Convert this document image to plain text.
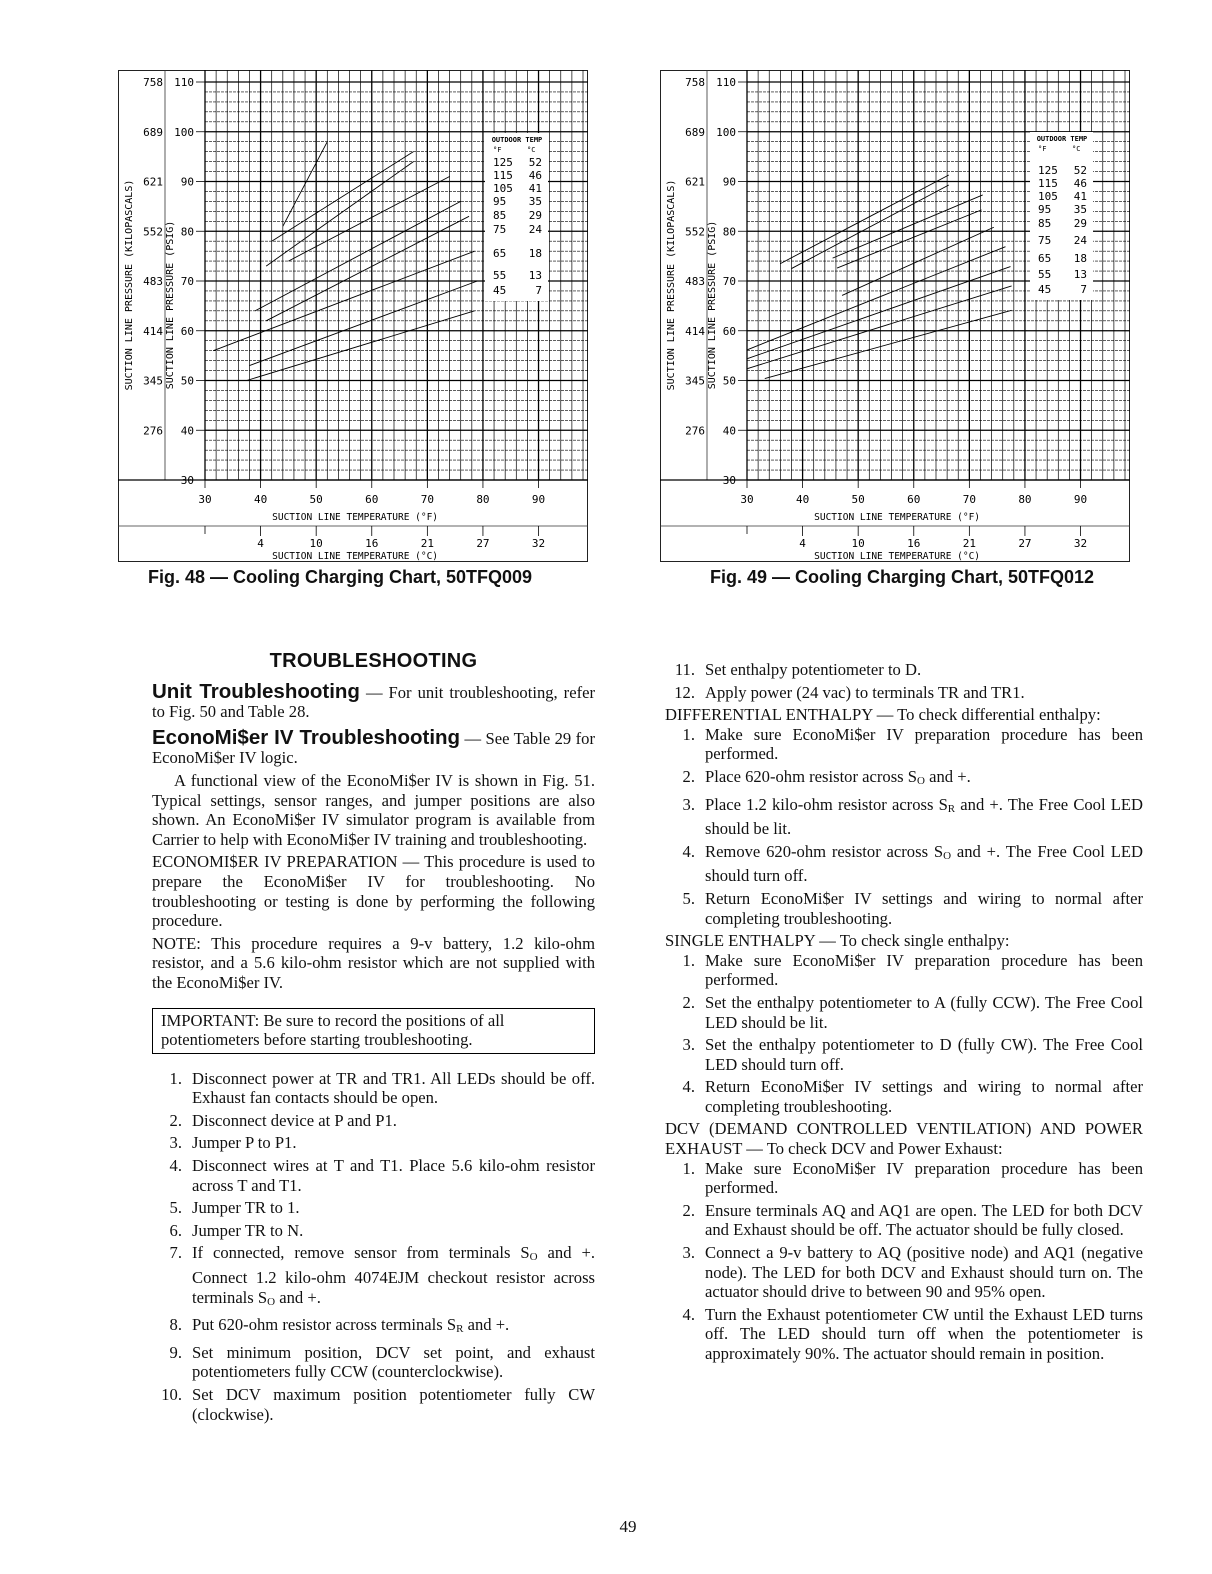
110
100
90
80
70
60
50
40
30
758
689
621
552
483
414
345
276
SUCTION LINE PRESSURE (KILOPASCALS)	SUCTION LINE PRESSURE (PSIG)
30	40	50	60	70	80	90
SUCTION LINE TEMPERATURE (°F)
4	10	16	21	27	32
SUCTION LINE TEMPERATURE (°C)
OUTDOOR TEMP
°F	°C
125 52
115 46
105 41
95 35
85 29
75 24
65 18
55 13
45	7
Fig. 48 — Cooling Charging Chart, 50TFQ009
110
100
90
80
70
60
50
40
30
758
689
621
552
483
414
345
276
SUCTION LINE PRESSURE (KILOPASCALS)	SUCTION LINE PRESSURE (PSIG)
30	40	50	60	70	80	90
SUCTION LINE TEMPERATURE (°F)
4	10	16	21	27	32
SUCTION LINE TEMPERATURE (°C)
OUTDOOR TEMP
°F	°C
125 52
115 46
105 41
95 35
85 29
75 24
65 18
55 13
45	7
Fig. 49 — Cooling Charging Chart, 50TFQ012
TROUBLESHOOTING

Unit Troubleshooting — For unit troubleshooting, refer to Fig. 50 and Table 28.

EconoMi$er IV Troubleshooting — See Table 29 for EconoMi$er IV logic.

A functional view of the EconoMi$er IV is shown in Fig. 51. Typical settings, sensor ranges, and jumper positions are also shown. An EconoMi$er IV simulator program is available from Carrier to help with EconoMi$er IV training and troubleshooting.

ECONOMI$ER IV PREPARATION — This procedure is used to prepare the EconoMi$er IV for troubleshooting. No troubleshooting or testing is done by performing the following procedure.

NOTE: This procedure requires a 9-v battery, 1.2 kilo-ohm resistor, and a 5.6 kilo-ohm resistor which are not supplied with the EconoMi$er IV.

IMPORTANT: Be sure to record the positions of all potentiometers before starting troubleshooting.

1. Disconnect power at TR and TR1. All LEDs should be off. Exhaust fan contacts should be open.
2. Disconnect device at P and P1.
3. Jumper P to P1.
4. Disconnect wires at T and T1. Place 5.6 kilo-ohm resistor across T and T1.
5. Jumper TR to 1.
6. Jumper TR to N.
7. If connected, remove sensor from terminals $S_O$ and +. Connect 1.2 kilo-ohm 4074EJM checkout resistor across terminals $S_O$ and +.
8. Put 620-ohm resistor across terminals $S_R$ and +.
9. Set minimum position, DCV set point, and exhaust potentiometers fully CCW (counterclockwise).
10. Set DCV maximum position potentiometer fully CW (clockwise).
11. Set enthalpy potentiometer to D.
12. Apply power (24 vac) to terminals TR and TR1.

DIFFERENTIAL ENTHALPY — To check differential enthalpy:

1. Make sure EconoMi$er IV preparation procedure has been performed.
2. Place 620-ohm resistor across $S_O$ and +.
3. Place 1.2 kilo-ohm resistor across $S_R$ and +. The Free Cool LED should be lit.
4. Remove 620-ohm resistor across $S_O$ and +. The Free Cool LED should turn off.
5. Return EconoMi$er IV settings and wiring to normal after completing troubleshooting.

SINGLE ENTHALPY — To check single enthalpy:

1. Make sure EconoMi$er IV preparation procedure has been performed.
2. Set the enthalpy potentiometer to A (fully CCW). The Free Cool LED should be lit.
3. Set the enthalpy potentiometer to D (fully CW). The Free Cool LED should turn off.
4. Return EconoMi$er IV settings and wiring to normal after completing troubleshooting.

DCV (DEMAND CONTROLLED VENTILATION) AND POWER EXHAUST — To check DCV and Power Exhaust:

1. Make sure EconoMi$er IV preparation procedure has been performed.
2. Ensure terminals AQ and AQ1 are open. The LED for both DCV and Exhaust should be off. The actuator should be fully closed.
3. Connect a 9-v battery to AQ (positive node) and AQ1 (negative node). The LED for both DCV and Exhaust should turn on. The actuator should drive to between 90 and 95% open.
4. Turn the Exhaust potentiometer CW until the Exhaust LED turns off. The LED should turn off when the potentiometer is approximately 90%. The actuator should remain in position.
49
